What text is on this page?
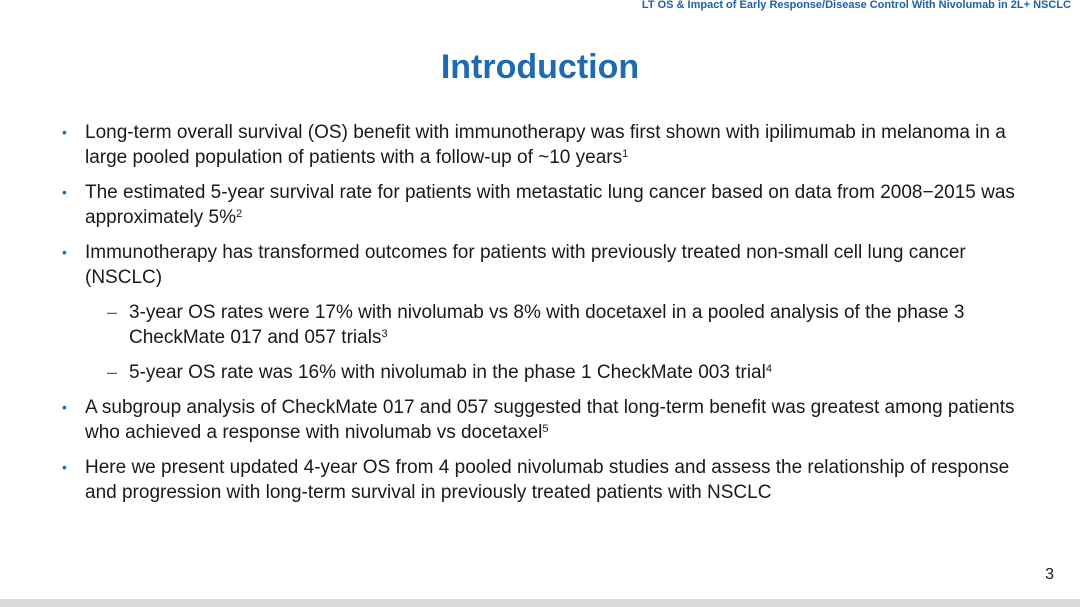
LT OS & Impact of Early Response/Disease Control With Nivolumab in 2L+ NSCLC
Introduction
• Long-term overall survival (OS) benefit with immunotherapy was first shown with ipilimumab in melanoma in a large pooled population of patients with a follow-up of ~10 years$^1$
• The estimated 5-year survival rate for patients with metastatic lung cancer based on data from 2008−2015 was approximately 5%$^2$
• Immunotherapy has transformed outcomes for patients with previously treated non-small cell lung cancer (NSCLC)
– 3-year OS rates were 17% with nivolumab vs 8% with docetaxel in a pooled analysis of the phase 3 CheckMate 017 and 057 trials$^3$
– 5-year OS rate was 16% with nivolumab in the phase 1 CheckMate 003 trial$^4$
• A subgroup analysis of CheckMate 017 and 057 suggested that long-term benefit was greatest among patients who achieved a response with nivolumab vs docetaxel$^5$
• Here we present updated 4-year OS from 4 pooled nivolumab studies and assess the relationship of response and progression with long-term survival in previously treated patients with NSCLC
3
